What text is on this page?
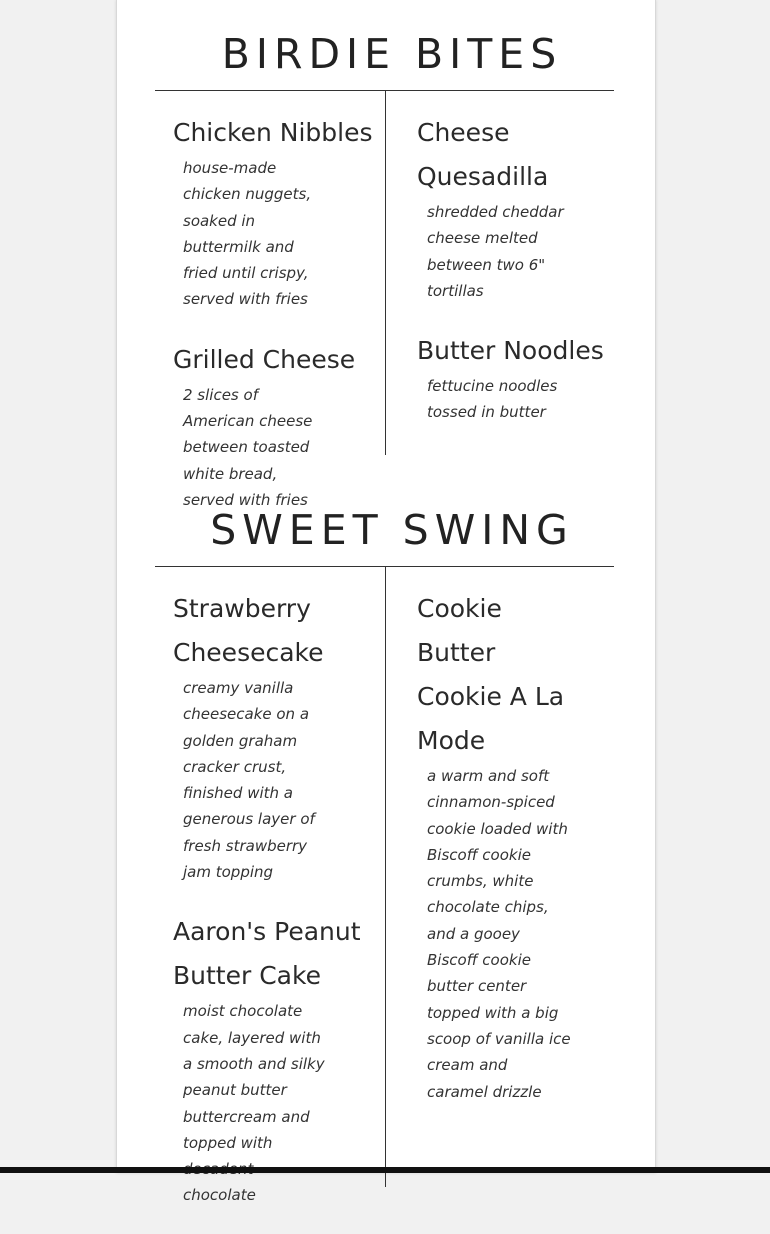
BIRDIE BITES
Chicken Nibbles

house-made chicken nuggets, soaked in buttermilk and fried until crispy, served with fries

Grilled Cheese

2 slices of American cheese between toasted white bread, served with fries

Cheese Quesadilla

shredded cheddar cheese melted between two 6" tortillas

Butter Noodles

fettucine noodles tossed in butter

SWEET SWING
Strawberry Cheesecake

creamy vanilla cheesecake on a golden graham cracker crust, finished with a generous layer of fresh strawberry jam topping

Aaron's Peanut Butter Cake

moist chocolate cake, layered with a smooth and silky peanut butter buttercream and topped with chocolate

Cookie Butter Cookie A La Mode

a warm and soft cinnamon-spiced cookie loaded with Biscoff cookie crumbs, white chocolate chips, and a gooey Biscoff cookie butter center topped with a big scoop of vanilla ice cream and caramel drizzle
